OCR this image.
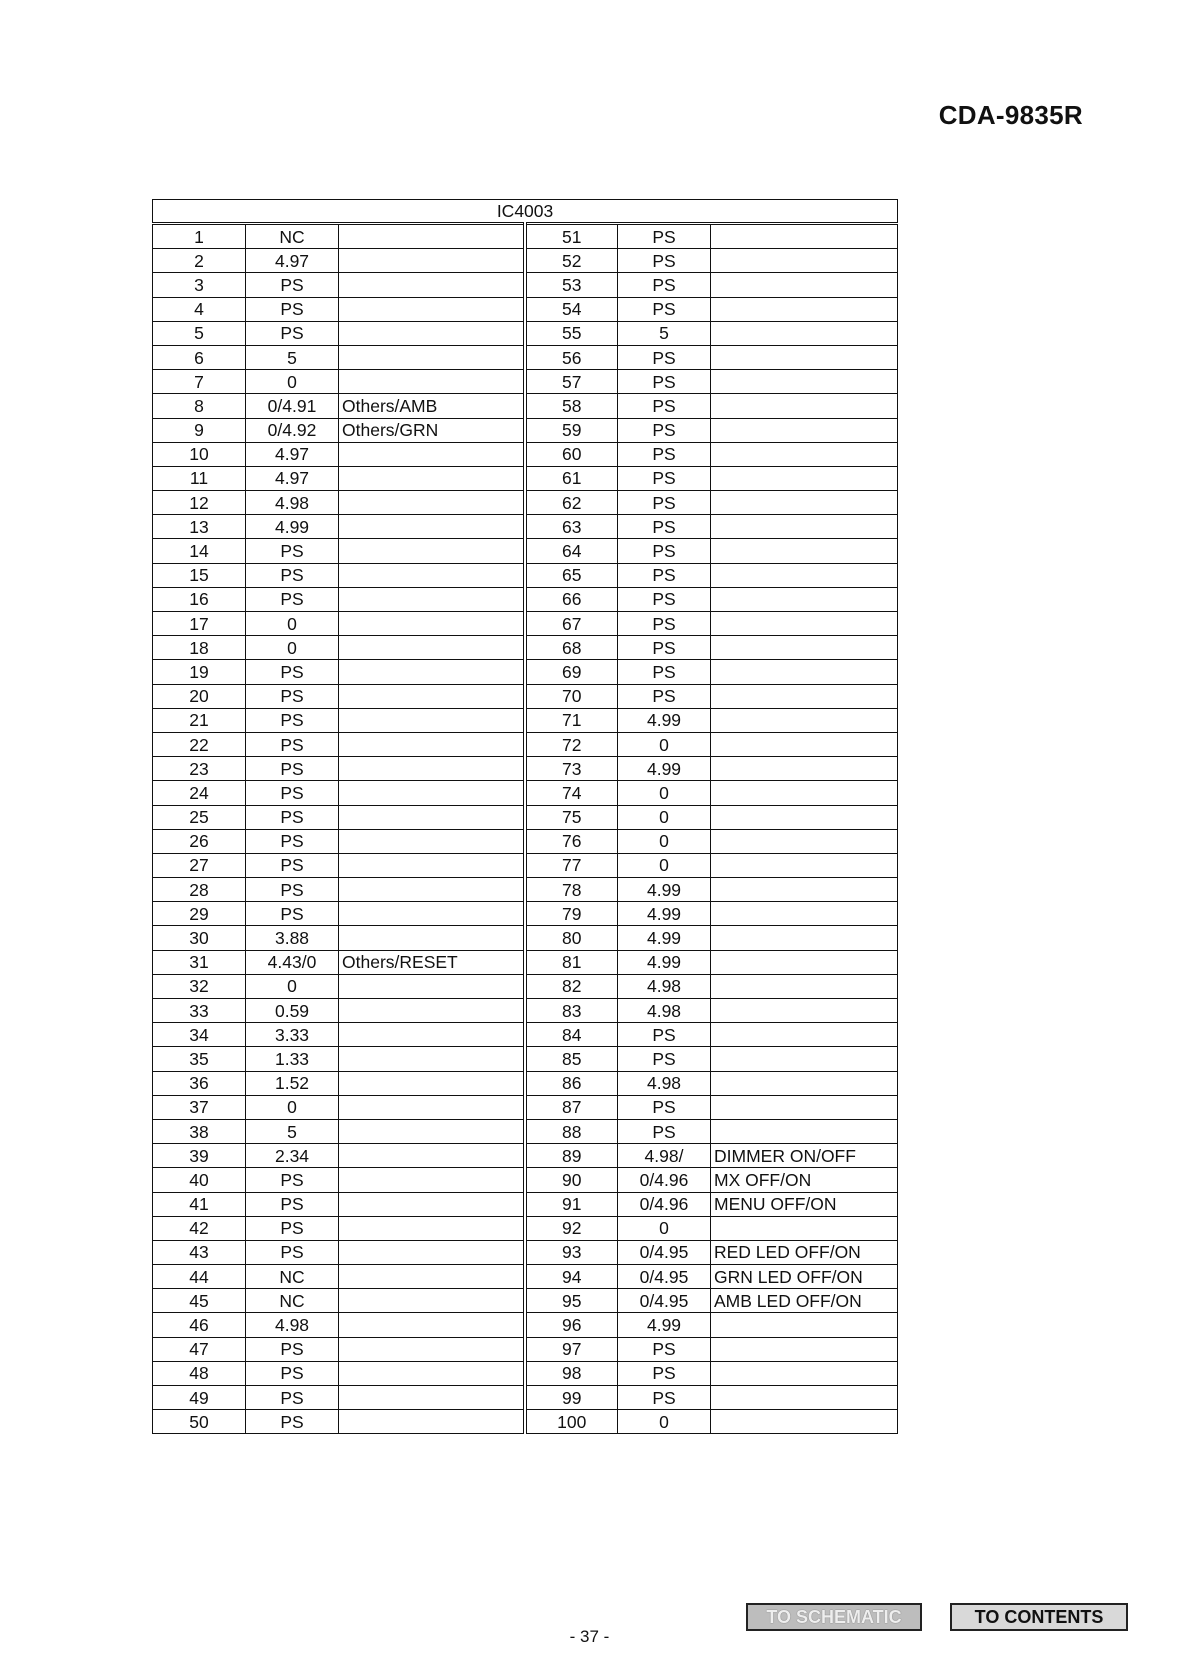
CDA-9835R
IC4003					
1	NC		51	PS	
2	4.97		52	PS	
3	PS		53	PS	
4	PS		54	PS	
5	PS		55	5	
6	5		56	PS	
7	0		57	PS	
8	0/4.91	Others/AMB	58	PS	
9	0/4.92	Others/GRN	59	PS	
10	4.97		60	PS	
11	4.97		61	PS	
12	4.98		62	PS	
13	4.99		63	PS	
14	PS		64	PS	
15	PS		65	PS	
16	PS		66	PS	
17	0		67	PS	
18	0		68	PS	
19	PS		69	PS	
20	PS		70	PS	
21	PS		71	4.99	
22	PS		72	0	
23	PS		73	4.99	
24	PS		74	0	
25	PS		75	0	
26	PS		76	0	
27	PS		77	0	
28	PS		78	4.99	
29	PS		79	4.99	
30	3.88		80	4.99	
31	4.43/0	Others/RESET	81	4.99	
32	0		82	4.98	
33	0.59		83	4.98	
34	3.33		84	PS	
35	1.33		85	PS	
36	1.52		86	4.98	
37	0		87	PS	
38	5		88	PS	
39	2.34		89	4.98/	DIMMER ON/OFF
40	PS		90	0/4.96	MX OFF/ON
41	PS		91	0/4.96	MENU OFF/ON
42	PS		92	0	
43	PS		93	0/4.95	RED LED OFF/ON
44	NC		94	0/4.95	GRN LED OFF/ON
45	NC		95	0/4.95	AMB LED OFF/ON
46	4.98		96	4.99	
47	PS		97	PS	
48	PS		98	PS	
49	PS		99	PS	
50	PS		100	0	
TO SCHEMATIC	TO CONTENTS
- 37 -
